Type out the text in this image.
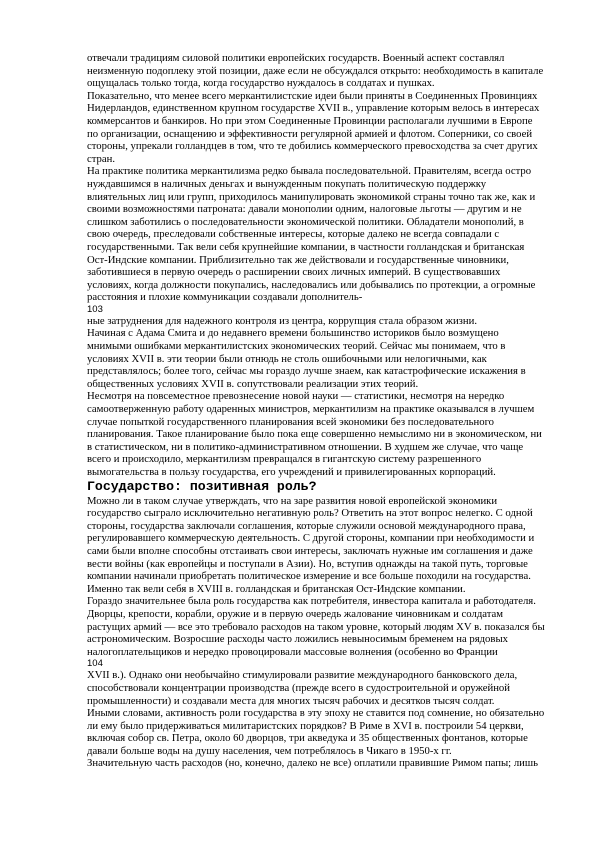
отвечали традициям силовой политики европейских государств. Военный аспект составлял неизменную подоплеку этой позиции, даже если не обсуждался открыто: необходимость в капитале ощущалась только тогда, когда государство нуждалось в солдатах и пушках.

Показательно, что менее всего меркантилистские идеи были приняты в Соединенных Провинциях Нидерландов, единственном крупном государстве XVII в., управление которым велось в интересах коммерсантов и банкиров. Но при этом Соединенные Провинции располагали лучшими в Европе по организации, оснащению и эффективности регулярной армией и флотом. Соперники, со своей стороны, упрекали голландцев в том, что те добились коммерческого превосходства за счет других стран.

На практике политика меркантилизма редко бывала последовательной. Правителям, всегда остро нуждавшимся в наличных деньгах и вынужденным покупать политическую поддержку влиятельных лиц или групп, приходилось манипулировать экономикой страны точно так же, как и своими возможностями патроната: давали монополии одним, налоговые льготы — другим и не слишком заботились о последовательности экономической политики. Обладатели монополий, в свою очередь, преследовали собственные интересы, которые далеко не всегда совпадали с государственными. Так вели себя крупнейшие компании, в частности голландская и британская Ост-Индские компании. Приблизительно так же действовали и государственные чиновники, заботившиеся в первую очередь о расширении своих личных империй. В существовавших условиях, когда должности покупались, наследовались или добывались по протекции, а огромные расстояния и плохие коммуникации создавали дополнитель-

103

ные затруднения для надежного контроля из центра, коррупция стала образом жизни.

Начиная с Адама Смита и до недавнего времени большинство историков было возмущено мнимыми ошибками меркантилистских экономических теорий. Сейчас мы понимаем, что в условиях XVII в. эти теории были отнюдь не столь ошибочными или нелогичными, как представлялось; более того, сейчас мы гораздо лучше знаем, как катастрофические искажения в общественных условиях XVII в. сопутствовали реализации этих теорий.

Несмотря на повсеместное превознесение новой науки — статистики, несмотря на нередко самоотверженную работу одаренных министров, меркантилизм на практике оказывался в лучшем случае попыткой государственного планирования всей экономики без последовательного планирования. Такое планирование было пока еще совершенно немыслимо ни в экономическом, ни в статистическом, ни в политико-административном отношении. В худшем же случае, что чаще всего и происходило, меркантилизм превращался в гигантскую систему разрешенного вымогательства в пользу государства, его учреждений и привилегированных корпораций.

Государство: позитивная роль?

Можно ли в таком случае утверждать, что на заре развития новой европейской экономики государство сыграло исключительно негативную роль? Ответить на этот вопрос нелегко. С одной стороны, государства заключали соглашения, которые служили основой международного права, регулировавшего коммерческую деятельность. С другой стороны, компании при необходимости и сами были вполне способны отстаивать свои интересы, заключать нужные им соглашения и даже вести войны (как европейцы и поступали в Азии). Но, вступив однажды на такой путь, торговые компании начинали приобретать политическое измерение и все больше походили на государства. Именно так вели себя в XVIII в. голландская и британская Ост-Индские компании.

Гораздо значительнее была роль государства как потребителя, инвестора капитала и работодателя. Дворцы, крепости, корабли, оружие и в первую очередь жалование чиновникам и солдатам растущих армий — все это требовало расходов на таком уровне, который людям XV в. показался бы астрономическим. Возросшие расходы часто ложились невыносимым бременем на рядовых налогоплательщиков и нередко провоцировали массовые волнения (особенно во Франции

104

XVII в.). Однако они необычайно стимулировали развитие международного банковского дела, способствовали концентрации производства (прежде всего в судостроительной и оружейной промышленности) и создавали места для многих тысяч рабочих и десятков тысяч солдат.

Иными словами, активность роли государства в эту эпоху не ставится под сомнение, но обязательно ли ему было придерживаться милитаристских порядков? В Риме в XVI в. построили 54 церкви, включая собор св. Петра, около 60 дворцов, три акведука и 35 общественных фонтанов, которые давали больше воды на душу населения, чем потреблялось в Чикаго в 1950-х гг.

Значительную часть расходов (но, конечно, далеко не все) оплатили правившие Римом папы; лишь
